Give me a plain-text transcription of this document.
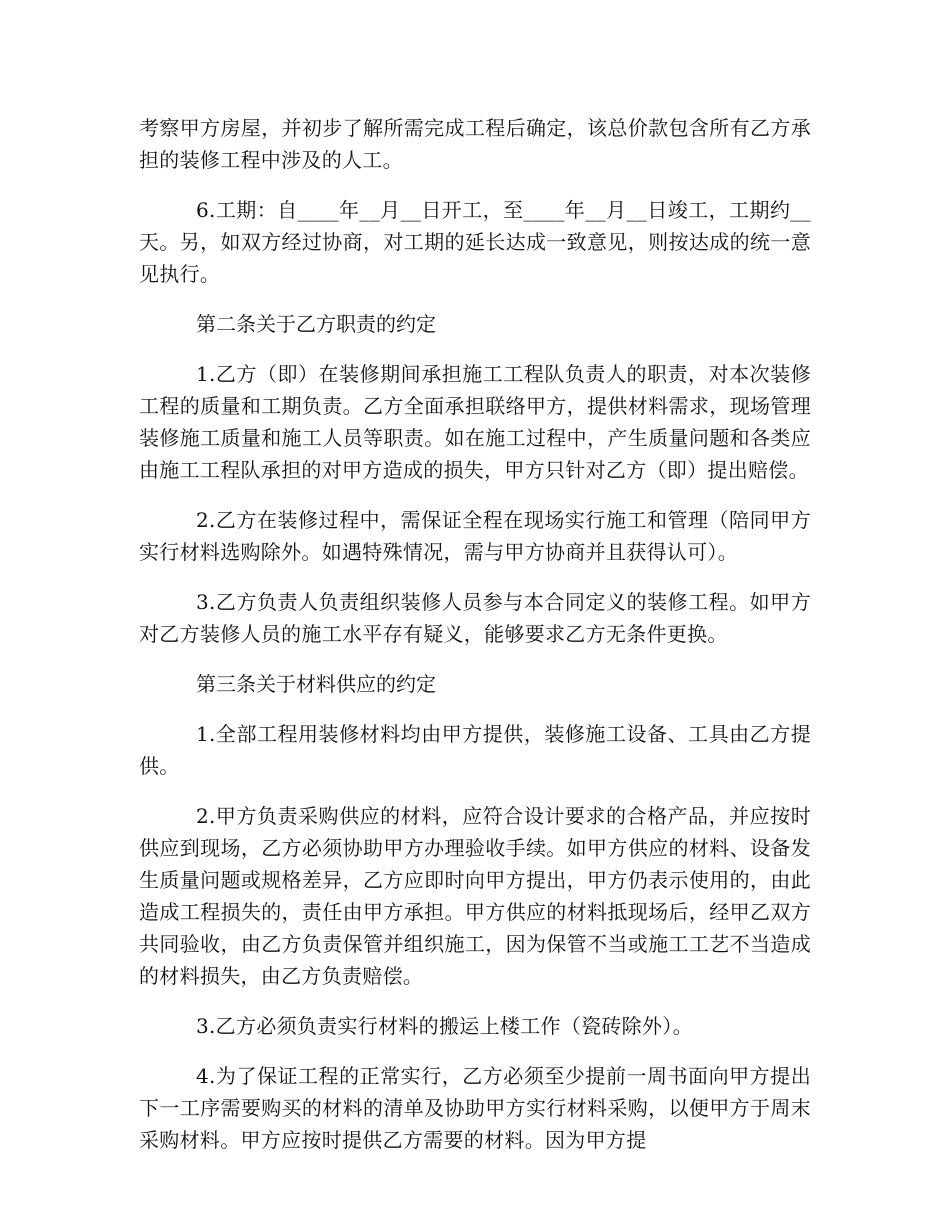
考察甲方房屋，并初步了解所需完成工程后确定，该总价款包含所有乙方承担的装修工程中涉及的人工。

6.工期：自____年__月__日开工，至____年__月__日竣工，工期约__天。另，如双方经过协商，对工期的延长达成一致意见，则按达成的统一意见执行。

第二条关于乙方职责的约定

1.乙方（即）在装修期间承担施工工程队负责人的职责，对本次装修工程的质量和工期负责。乙方全面承担联络甲方，提供材料需求，现场管理装修施工质量和施工人员等职责。如在施工过程中，产生质量问题和各类应由施工工程队承担的对甲方造成的损失，甲方只针对乙方（即）提出赔偿。

2.乙方在装修过程中，需保证全程在现场实行施工和管理（陪同甲方实行材料选购除外。如遇特殊情况，需与甲方协商并且获得认可）。

3.乙方负责人负责组织装修人员参与本合同定义的装修工程。如甲方对乙方装修人员的施工水平存有疑义，能够要求乙方无条件更换。

第三条关于材料供应的约定

1.全部工程用装修材料均由甲方提供，装修施工设备、工具由乙方提供。

2.甲方负责采购供应的材料，应符合设计要求的合格产品，并应按时供应到现场，乙方必须协助甲方办理验收手续。如甲方供应的材料、设备发生质量问题或规格差异，乙方应即时向甲方提出，甲方仍表示使用的，由此造成工程损失的，责任由甲方承担。甲方供应的材料抵现场后，经甲乙双方共同验收，由乙方负责保管并组织施工，因为保管不当或施工工艺不当造成的材料损失，由乙方负责赔偿。

3.乙方必须负责实行材料的搬运上楼工作（瓷砖除外）。

4.为了保证工程的正常实行，乙方必须至少提前一周书面向甲方提出下一工序需要购买的材料的清单及协助甲方实行材料采购，以便甲方于周末采购材料。甲方应按时提供乙方需要的材料。因为甲方提
